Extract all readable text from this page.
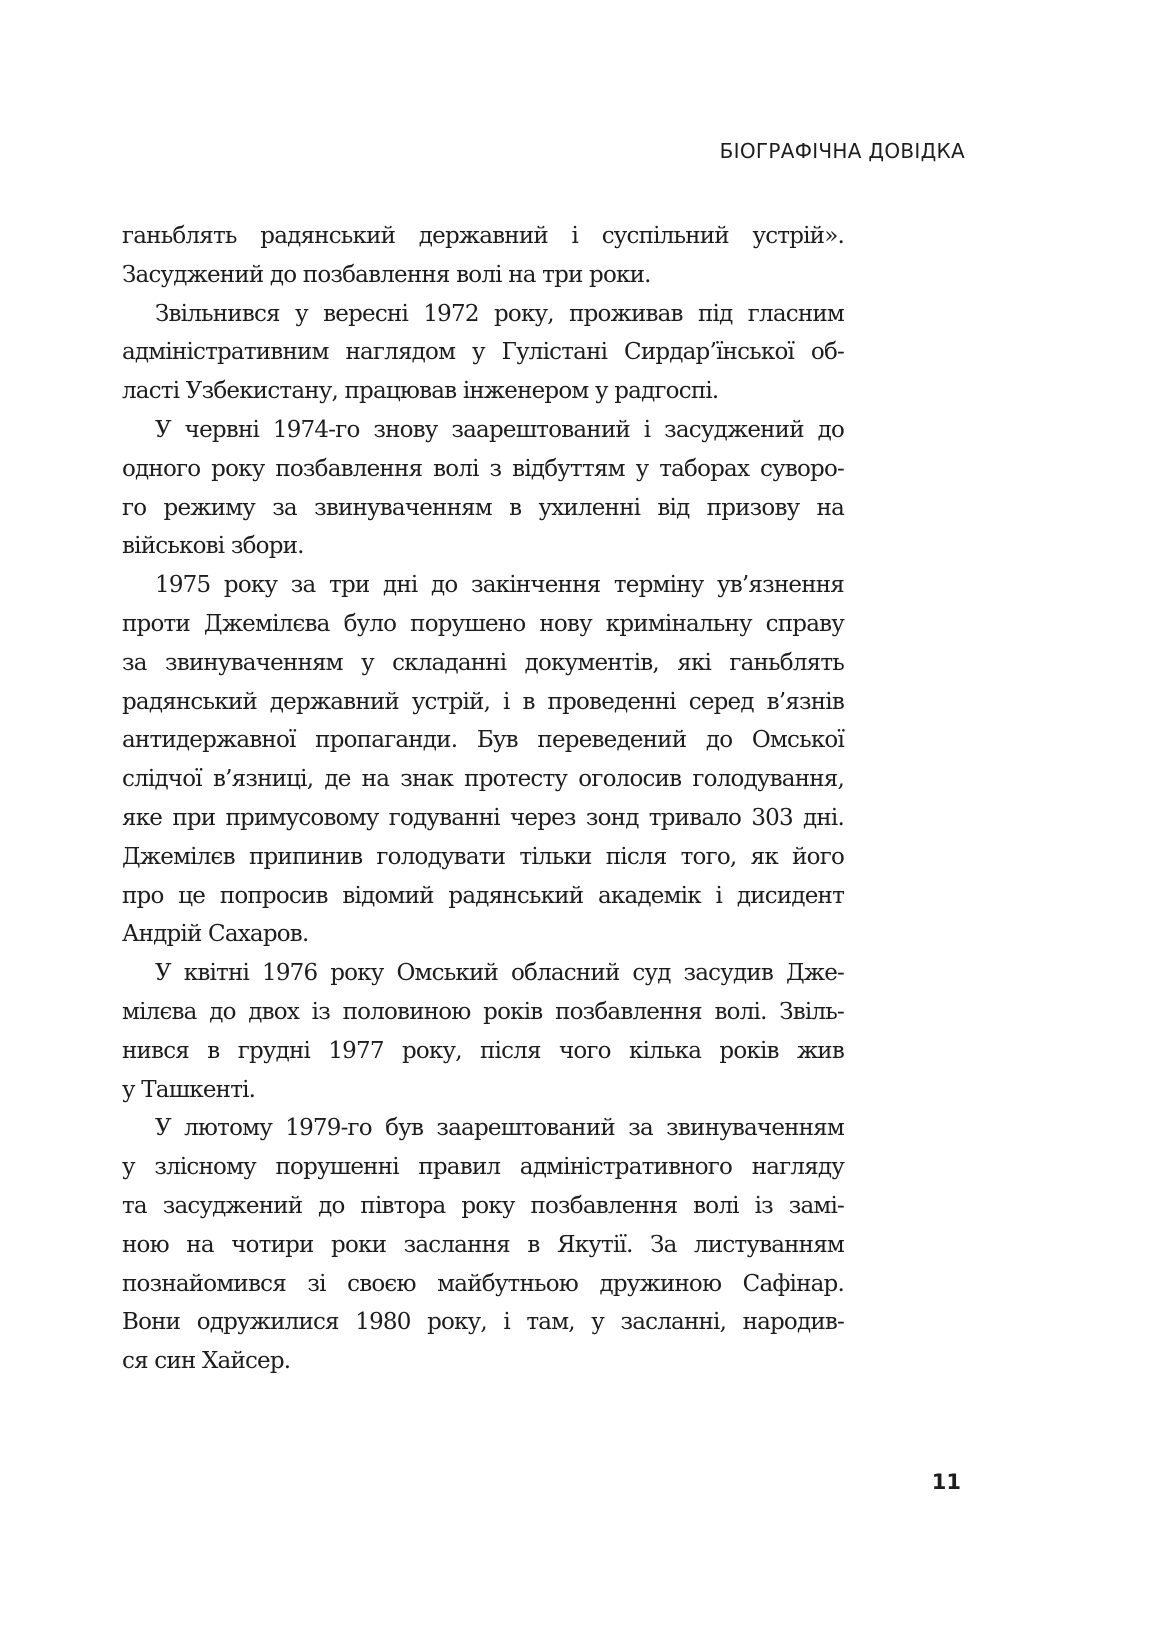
БІОГРАФІЧНА ДОВІДКА

ганьблять радянський державний і суспільний устрій».
Засуджений до позбавлення волі на три роки.
Звільнився у вересні 1972 року, проживав під гласним
адміністративним наглядом у Гулістані Сирдар’їнської об-
ласті Узбекистану, працював інженером у радгоспі.
У червні 1974-го знову заарештований і засуджений до
одного року позбавлення волі з відбуттям у таборах суворо-
го режиму за звинуваченням в ухиленні від призову на
військові збори.
1975 року за три дні до закінчення терміну ув’язнення
проти Джемілєва було порушено нову кримінальну справу
за звинуваченням у складанні документів, які ганьблять
радянський державний устрій, і в проведенні серед в’язнів
антидержавної пропаганди. Був переведений до Омської
слідчої в’язниці, де на знак протесту оголосив голодування,
яке при примусовому годуванні через зонд тривало 303 дні.
Джемілєв припинив голодувати тільки після того, як його
про це попросив відомий радянський академік і дисидент
Андрій Сахаров.
У квітні 1976 року Омський обласний суд засудив Дже-
мілєва до двох із половиною років позбавлення волі. Звіль-
нився в грудні 1977 року, після чого кілька років жив
у Ташкенті.
У лютому 1979-го був заарештований за звинуваченням
у злісному порушенні правил адміністративного нагляду
та засуджений до півтора року позбавлення волі із замі-
ною на чотири роки заслання в Якутії. За листуванням
познайомився зі своєю майбутньою дружиною Сафінар.
Вони одружилися 1980 року, і там, у засланні, народив-
ся син Хайсер.

11
